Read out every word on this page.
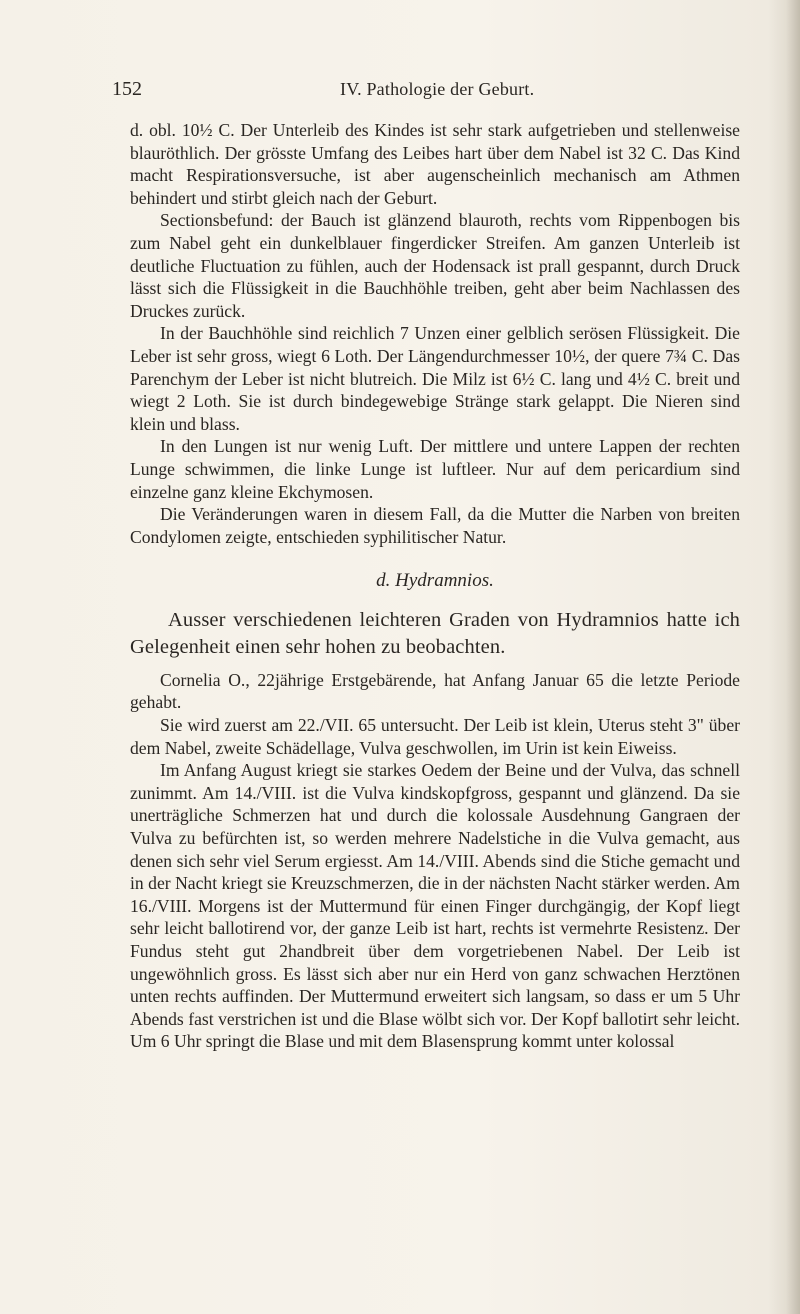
152	IV. Pathologie der Geburt.

d. obl. 10½ C. Der Unterleib des Kindes ist sehr stark aufgetrieben und stellenweise blauröthlich. Der grösste Umfang des Leibes hart über dem Nabel ist 32 C. Das Kind macht Respirationsversuche, ist aber augenscheinlich mechanisch am Athmen behindert und stirbt gleich nach der Geburt.

Sectionsbefund: der Bauch ist glänzend blauroth, rechts vom Rippenbogen bis zum Nabel geht ein dunkelblauer fingerdicker Streifen. Am ganzen Unterleib ist deutliche Fluctuation zu fühlen, auch der Hodensack ist prall gespannt, durch Druck lässt sich die Flüssigkeit in die Bauchhöhle treiben, geht aber beim Nachlassen des Druckes zurück.

In der Bauchhöhle sind reichlich 7 Unzen einer gelblich serösen Flüssigkeit. Die Leber ist sehr gross, wiegt 6 Loth. Der Längendurchmesser 10½, der quere 7¾ C. Das Parenchym der Leber ist nicht blutreich. Die Milz ist 6½ C. lang und 4½ C. breit und wiegt 2 Loth. Sie ist durch bindegewebige Stränge stark gelappt. Die Nieren sind klein und blass.

In den Lungen ist nur wenig Luft. Der mittlere und untere Lappen der rechten Lunge schwimmen, die linke Lunge ist luftleer. Nur auf dem pericardium sind einzelne ganz kleine Ekchymosen.

Die Veränderungen waren in diesem Fall, da die Mutter die Narben von breiten Condylomen zeigte, entschieden syphilitischer Natur.

d. Hydramnios.

Ausser verschiedenen leichteren Graden von Hydramnios hatte ich Gelegenheit einen sehr hohen zu beobachten.

Cornelia O., 22jährige Erstgebärende, hat Anfang Januar 65 die letzte Periode gehabt.

Sie wird zuerst am 22./VII. 65 untersucht. Der Leib ist klein, Uterus steht 3" über dem Nabel, zweite Schädellage, Vulva geschwollen, im Urin ist kein Eiweiss.

Im Anfang August kriegt sie starkes Oedem der Beine und der Vulva, das schnell zunimmt. Am 14./VIII. ist die Vulva kindskopfgross, gespannt und glänzend. Da sie unerträgliche Schmerzen hat und durch die kolossale Ausdehnung Gangraen der Vulva zu befürchten ist, so werden mehrere Nadelstiche in die Vulva gemacht, aus denen sich sehr viel Serum ergiesst. Am 14./VIII. Abends sind die Stiche gemacht und in der Nacht kriegt sie Kreuzschmerzen, die in der nächsten Nacht stärker werden. Am 16./VIII. Morgens ist der Muttermund für einen Finger durchgängig, der Kopf liegt sehr leicht ballotirend vor, der ganze Leib ist hart, rechts ist vermehrte Resistenz. Der Fundus steht gut 2handbreit über dem vorgetriebenen Nabel. Der Leib ist ungewöhnlich gross. Es lässt sich aber nur ein Herd von ganz schwachen Herztönen unten rechts auffinden. Der Muttermund erweitert sich langsam, so dass er um 5 Uhr Abends fast verstrichen ist und die Blase wölbt sich vor. Der Kopf ballotirt sehr leicht. Um 6 Uhr springt die Blase und mit dem Blasensprung kommt unter kolossal
